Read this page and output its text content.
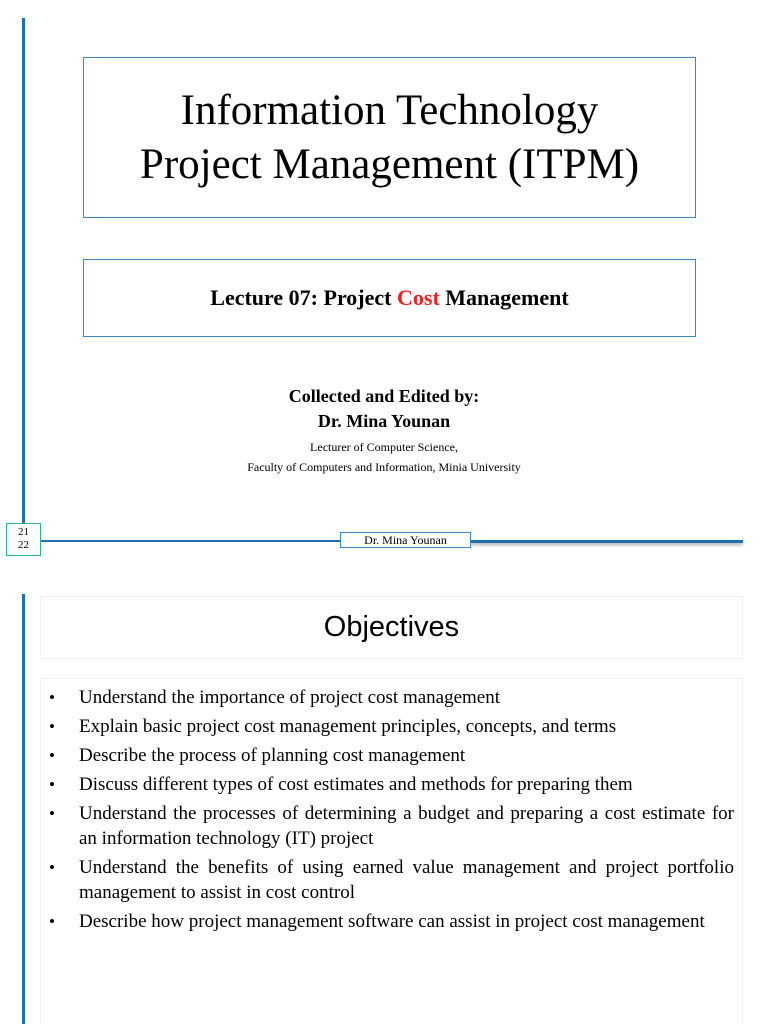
Information Technology
Project Management (ITPM)
Lecture 07: Project Cost Management
Collected and Edited by:
Dr. Mina Younan
Lecturer of Computer Science,
Faculty of Computers and Information, Minia University
Dr. Mina Younan
21
22
Objectives
•	Understand the importance of project cost management
•	Explain basic project cost management principles, concepts, and terms
•	Describe the process of planning cost management
•	Discuss different types of cost estimates and methods for preparing them
•	Understand the processes of determining a budget and preparing a cost estimate for an information technology (IT) project
•	Understand the benefits of using earned value management and project portfolio management to assist in cost control
•	Describe how project management software can assist in project cost management
